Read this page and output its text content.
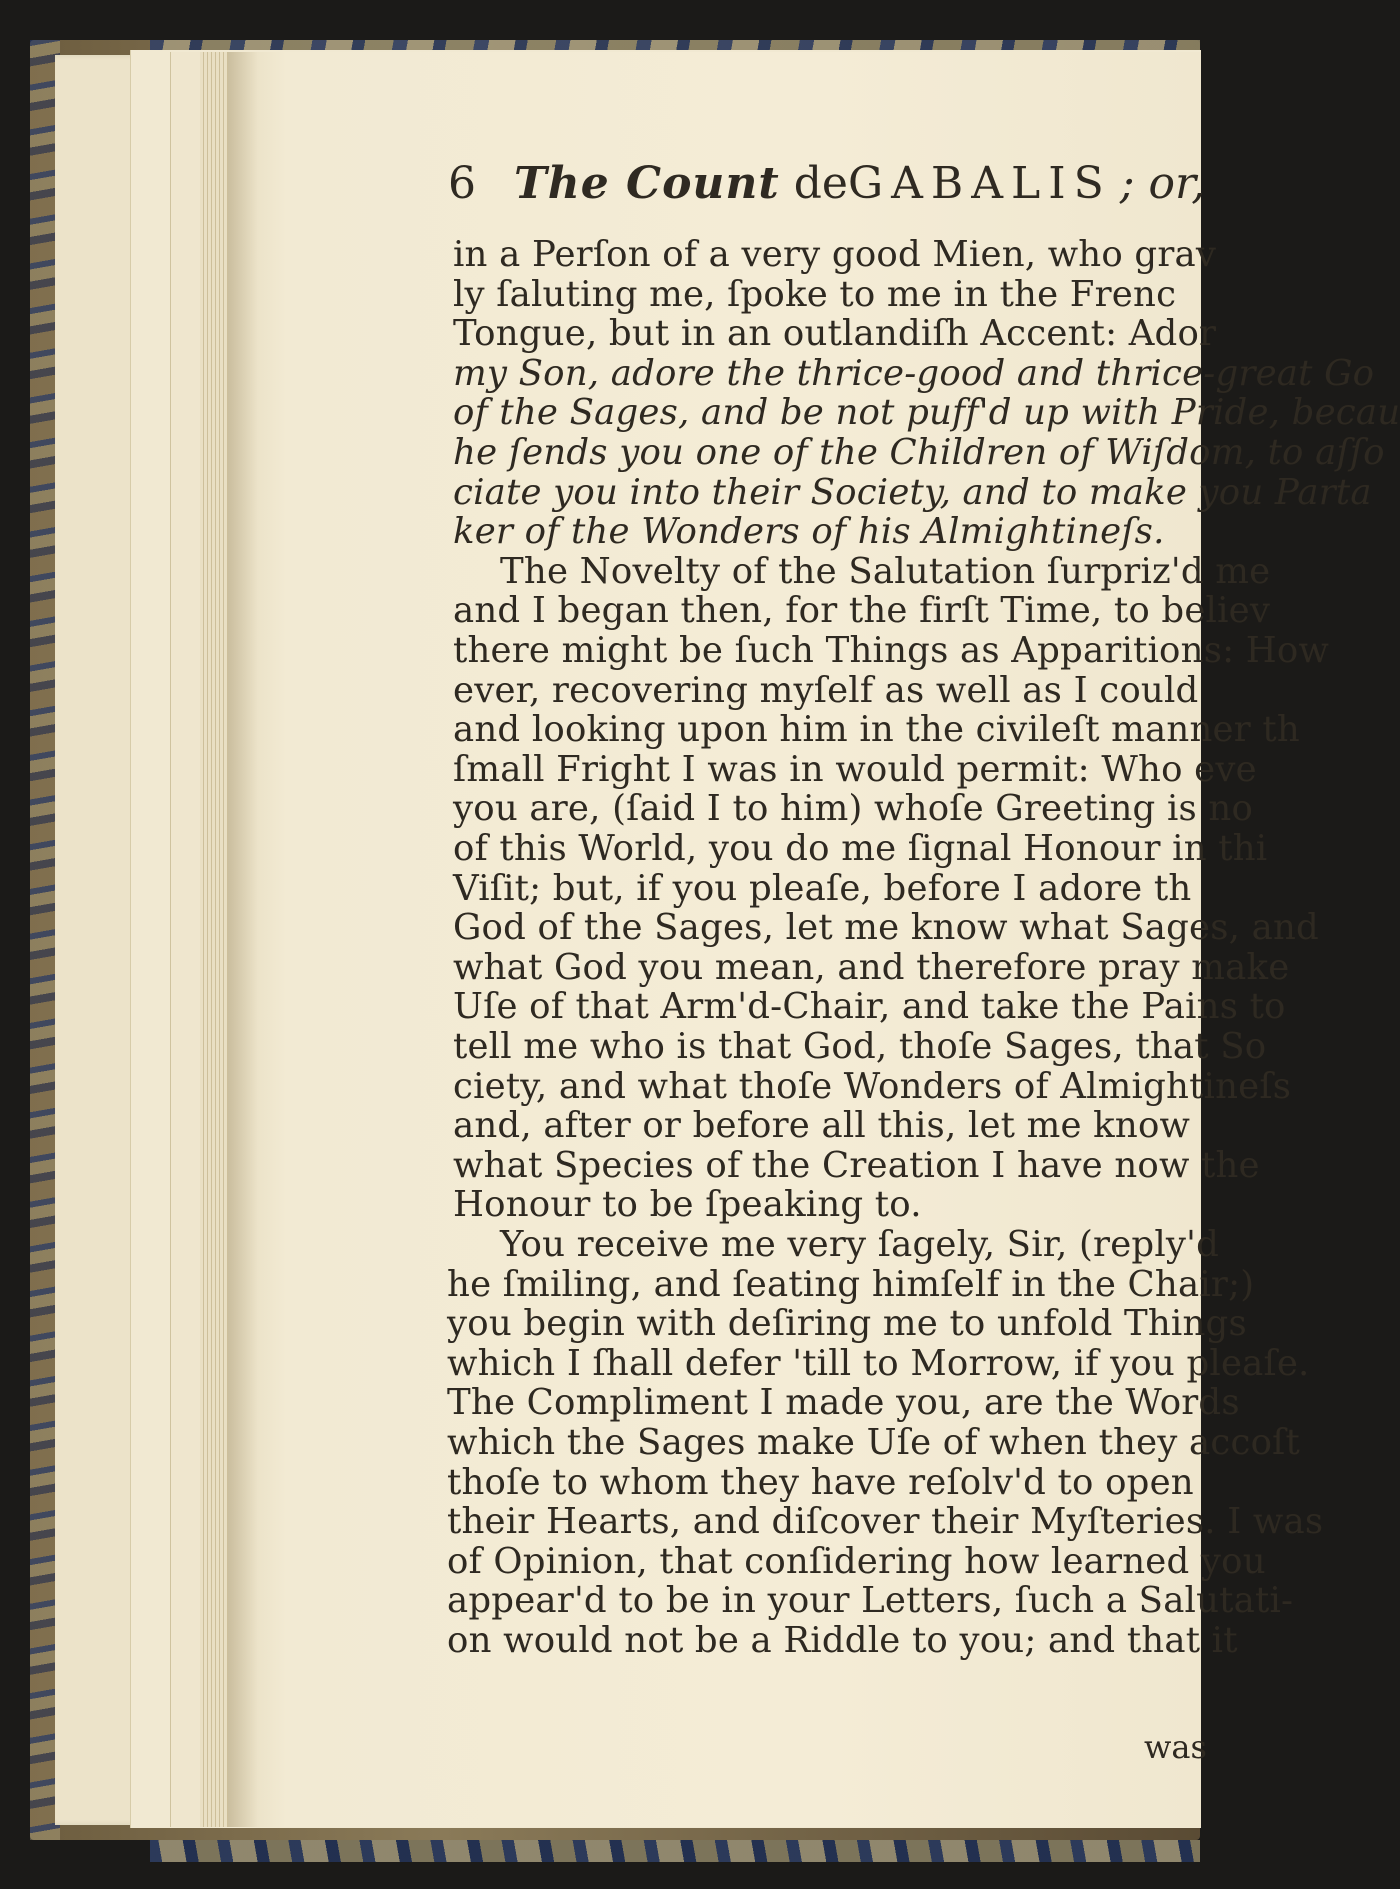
6 The Count deGABALIS ; or,
in a Perſon of a very good Mien, who grav
ly ſaluting me, ſpoke to me in the Frenc
Tongue, but in an outlandiſh Accent: Ador
my Son, adore the thrice-good and thrice-great Go
of the Sages, and be not puff'd up with Pride, becau
he ſends you one of the Children of Wiſdom, to aſſo
ciate you into their Society, and to make you Parta
ker of the Wonders of his Almightineſs.
The Novelty of the Salutation ſurpriz'd me
and I began then, for the firſt Time, to believ
there might be ſuch Things as Apparitions: How
ever, recovering myſelf as well as I could
and looking upon him in the civileſt manner th
ſmall Fright I was in would permit: Who eve
you are, (ſaid I to him) whoſe Greeting is no
of this World, you do me ſignal Honour in thi
Viſit; but, if you pleaſe, before I adore th
God of the Sages, let me know what Sages, and
what God you mean, and therefore pray make
Uſe of that Arm'd-Chair, and take the Pains to
tell me who is that God, thoſe Sages, that So
ciety, and what thoſe Wonders of Almightineſs
and, after or before all this, let me know
what Species of the Creation I have now the
Honour to be ſpeaking to.
You receive me very ſagely, Sir, (reply'd
he ſmiling, and ſeating himſelf in the Chair;)
you begin with deſiring me to unfold Things
which I ſhall defer 'till to Morrow, if you pleaſe.
The Compliment I made you, are the Words
which the Sages make Uſe of when they accoſt
thoſe to whom they have reſolv'd to open
their Hearts, and diſcover their Myſteries. I was
of Opinion, that conſidering how learned you
appear'd to be in your Letters, ſuch a Salutati-
on would not be a Riddle to you; and that it
was
